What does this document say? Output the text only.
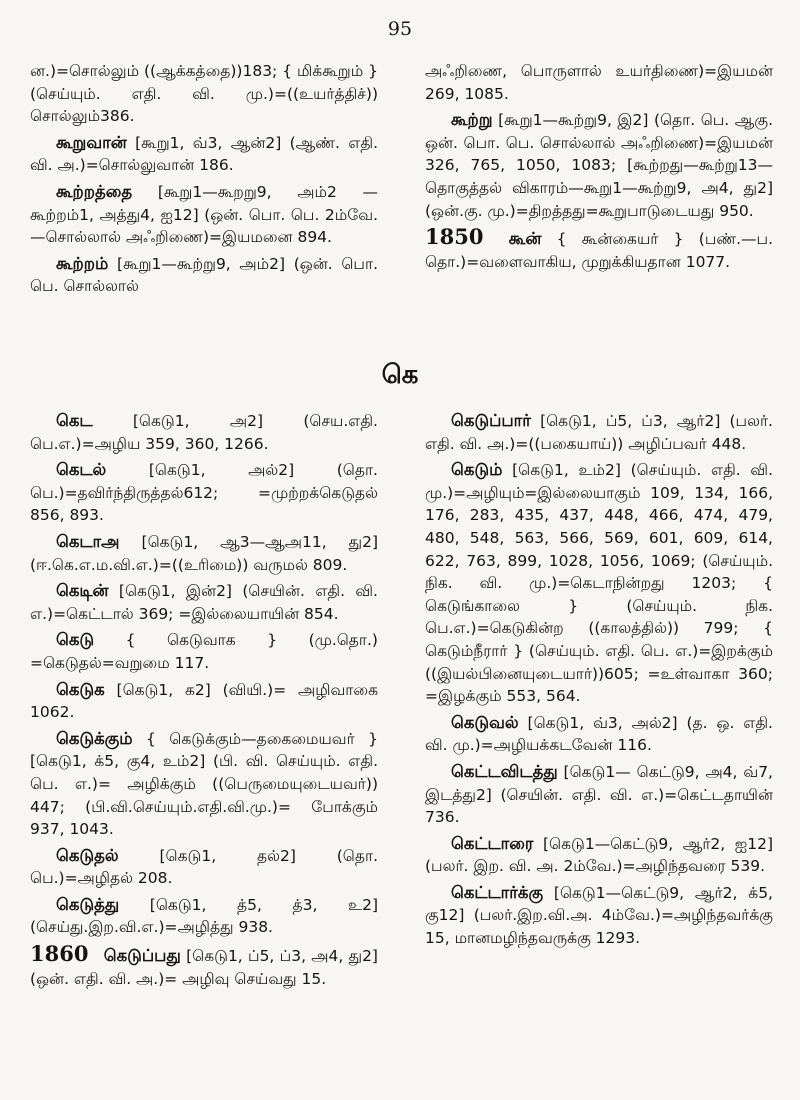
95

ன.)=சொல்லும் ((ஆக்கத்தை))183; { மிக்கூறும் } (செய்யும். எதி. வி. மு.)=((உயர்த்திச்)) சொல்லும்386.

கூறுவான் [கூறு1, வ்3, ஆன்2] (ஆண். எதி. வி. அ.)=சொல்லுவான் 186.

கூற்றத்தை [கூறு1—கூறறு9, அம்2 — கூற்றம்1, அத்து4, ஐ12] (ஒன். பொ. பெ. 2ம்வே.—சொல்லால் அஃறிணை)=இயமனை 894.

கூற்றம் [கூறு1—கூற்று9, அம்2] (ஒன். பொ. பெ. சொல்லால்

அஃறிணை, பொருளால் உயர்திணை)=இயமன் 269, 1085.

கூற்று [கூறு1—கூற்று9, இ2] (தொ. பெ. ஆகு. ஒன். பொ. பெ. சொல்லால் அஃறிணை)=இயமன் 326, 765, 1050, 1083; [கூற்றது—கூற்று13—தொகுத்தல் விகாரம்—கூறு1—கூற்று9, அ4, து2] (ஒன்.கு. மு.)=திறத்தது=கூறுபாடுடையது 950.

1850 கூன் { கூன்கையர் } (பண்.—ப. தொ.)=வளைவாகிய, முறுக்கியதான 1077.

கெ

கெட	[கெடு1, அ2] (செய.எதி. பெ.எ.)=அழிய 359, 360, 1266.

கெடல்	[கெடு1, அல்2] (தொ. பெ.)=தவிர்ந்திருத்தல்612; =முற்றக்கெடுதல் 856, 893.

கெடாஅ [கெடு1, ஆ3—ஆஅ11, து2] (ஈ.கெ.எ.ம.வி.எ.)=((உரிமை)) வருமல் 809.

கெடின் [கெடு1, இன்2] (செயின். எதி. வி. எ.)=கெட்டால் 369; =இல்லையாயின் 854.

கெடு { கெடுவாக } (மு.தொ.) =கெடுதல்=வறுமை 117.

கெடுக [கெடு1, க2] (வியி.)= அழிவாகை 1062.

கெடுக்கும் { கெடுக்கும்—தகைமையவர் } [கெடு1, க்5, கு4, உம்2] (பி. வி. செய்யும். எதி. பெ. எ.)= அழிக்கும் ((பெருமையுடையவர்)) 447; (பி.வி.செய்யும்.எதி.வி.மு.)= போக்கும் 937, 1043.

கெடுதல்	[கெடு1, தல்2] (தொ. பெ.)=அழிதல் 208.

கெடுத்து [கெடு1, த்5, த்3, உ2] (செய்து.இற.வி.எ.)=அழித்து 938.

1860 கெடுப்பது [கெடு1, ப்5, ப்3, அ4, து2] (ஒன். எதி. வி. அ.)= அழிவு செய்வது 15.

கெடுப்பார் [கெடு1, ப்5, ப்3, ஆர்2] (பலர். எதி. வி. அ.)=((பகையாய்)) அழிப்பவர் 448.

கெடும் [கெடு1, உம்2] (செய்யும். எதி. வி. மு.)=அழியும்=இல்லையாகும் 109, 134, 166, 176, 283, 435, 437, 448, 466, 474, 479, 480, 548, 563, 566, 569, 601, 609, 614, 622, 763, 899, 1028, 1056, 1069; (செய்யும். நிக. வி. மு.)=கெடாநின்றது 1203; { கெடுங்காலை } (செய்யும். நிக. பெ.எ.)=கெடுகின்ற ((காலத்தில்)) 799; { கெடும்நீரார் } (செய்யும். எதி. பெ. எ.)=இறக்கும் ((இயல்பினையுடையார்))605; =உள்வாகா 360; =இழக்கும் 553, 564.

கெடுவல் [கெடு1, வ்3, அல்2] (த. ஒ. எதி. வி. மு.)=அழியக்கடவேன் 116.

கெட்டவிடத்து [கெடு1— கெட்டு9, அ4, வ்7, இடத்து2] (செயின். எதி. வி. எ.)=கெட்டதாயின் 736.

கெட்டாரை [கெடு1—கெட்டு9, ஆர்2, ஐ12] (பலர். இற. வி. அ. 2ம்வே.)=அழிந்தவரை 539.

கெட்டார்க்கு [கெடு1—கெட்டு9, ஆர்2, க்5, கு12] (பலர்.இற.வி.அ. 4ம்வே.)=அழிந்தவர்க்கு 15, மானமழிந்தவருக்கு 1293.
